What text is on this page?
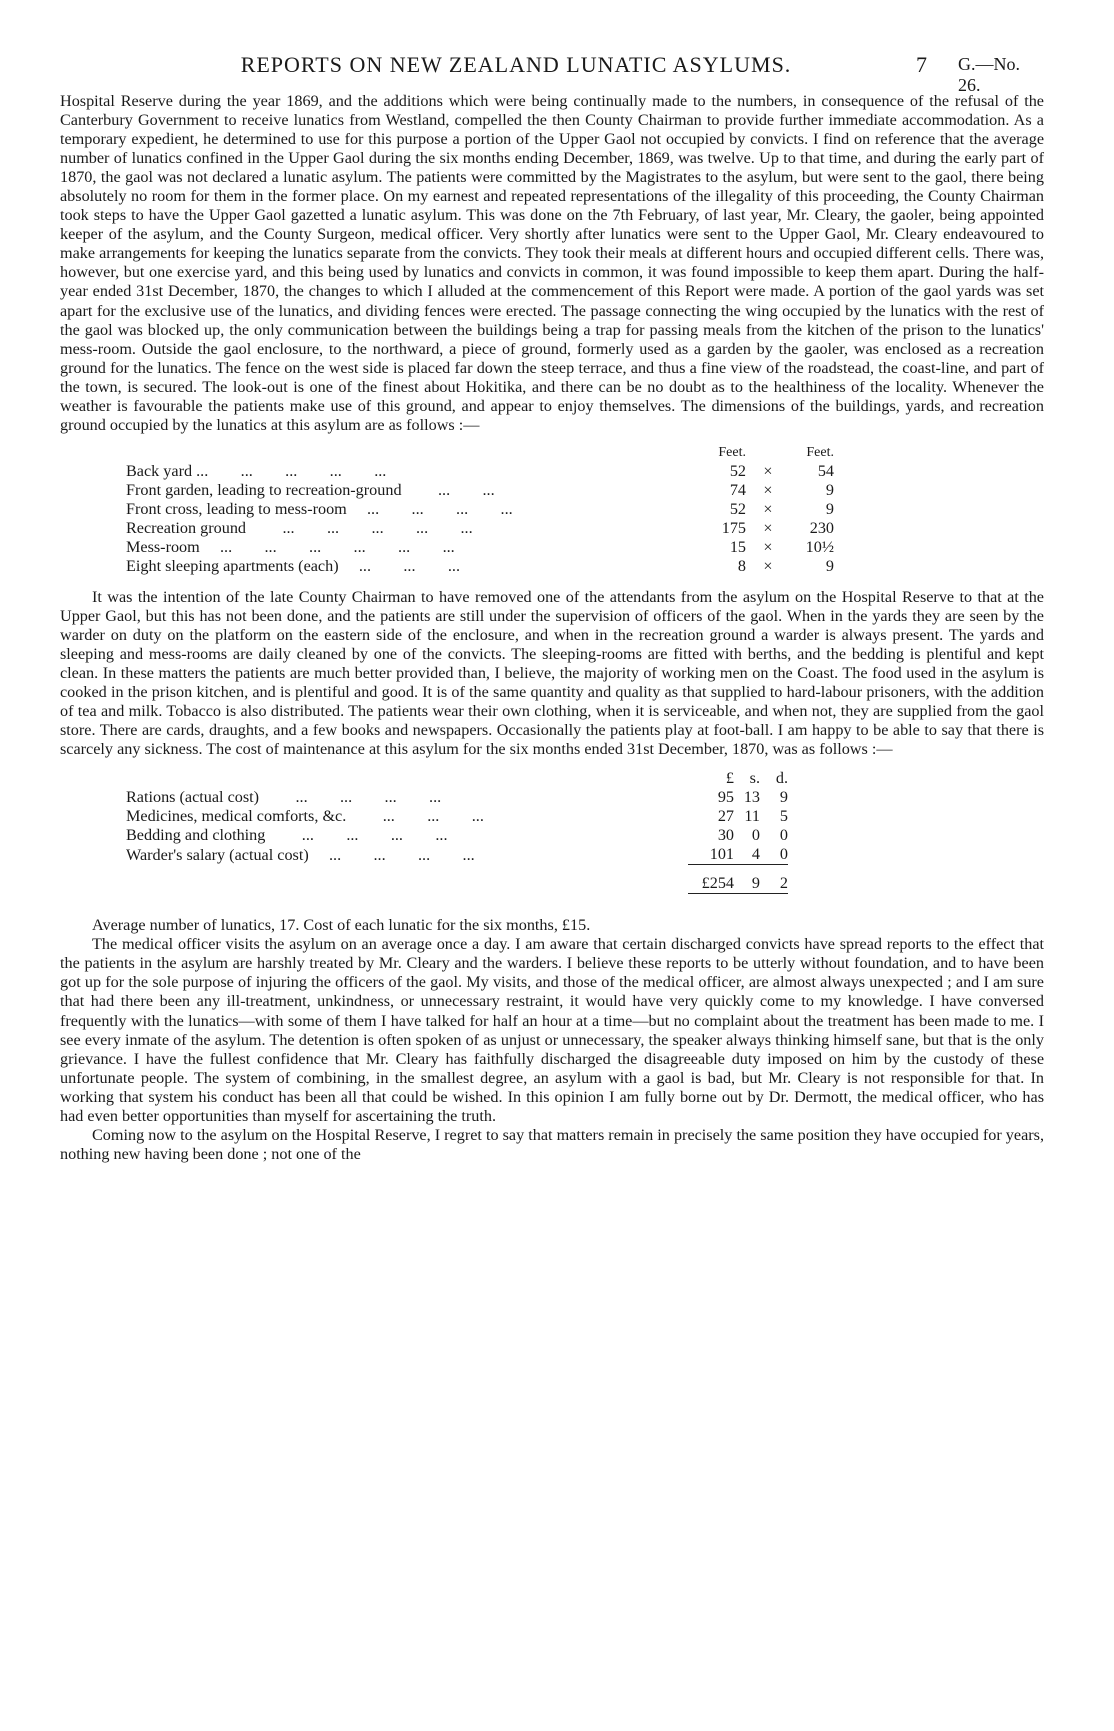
REPORTS ON NEW ZEALAND LUNATIC ASYLUMS.	7 G.—No. 26.

Hospital Reserve during the year 1869, and the additions which were being continually made to the numbers, in consequence of the refusal of the Canterbury Government to receive lunatics from Westland, compelled the then County Chairman to provide further immediate accommodation. As a temporary expedient, he determined to use for this purpose a portion of the Upper Gaol not occupied by convicts. I find on reference that the average number of lunatics confined in the Upper Gaol during the six months ending December, 1869, was twelve. Up to that time, and during the early part of 1870, the gaol was not declared a lunatic asylum. The patients were committed by the Magistrates to the asylum, but were sent to the gaol, there being absolutely no room for them in the former place. On my earnest and repeated representations of the illegality of this proceeding, the County Chairman took steps to have the Upper Gaol gazetted a lunatic asylum. This was done on the 7th February, of last year, Mr. Cleary, the gaoler, being appointed keeper of the asylum, and the County Surgeon, medical officer. Very shortly after lunatics were sent to the Upper Gaol, Mr. Cleary endeavoured to make arrangements for keeping the lunatics separate from the convicts. They took their meals at different hours and occupied different cells. There was, however, but one exercise yard, and this being used by lunatics and convicts in common, it was found impossible to keep them apart. During the half-year ended 31st December, 1870, the changes to which I alluded at the commencement of this Report were made. A portion of the gaol yards was set apart for the exclusive use of the lunatics, and dividing fences were erected. The passage connecting the wing occupied by the lunatics with the rest of the gaol was blocked up, the only communication between the buildings being a trap for passing meals from the kitchen of the prison to the lunatics' mess-room. Outside the gaol enclosure, to the northward, a piece of ground, formerly used as a garden by the gaoler, was enclosed as a recreation ground for the lunatics. The fence on the west side is placed far down the steep terrace, and thus a fine view of the roadstead, the coast-line, and part of the town, is secured. The look-out is one of the finest about Hokitika, and there can be no doubt as to the healthiness of the locality. Whenever the weather is favourable the patients make use of this ground, and appear to enjoy themselves. The dimensions of the buildings, yards, and recreation ground occupied by the lunatics at this asylum are as follows :—

	Feet.		Feet.
Back yard ...        ...        ...        ...        ...	52	×	54
Front garden, leading to recreation-ground         ...        ...	74	×	9
Front cross, leading to mess-room     ...        ...        ...        ...	52	×	9
Recreation ground         ...        ...        ...        ...        ...	175	×	230
Mess-room     ...        ...        ...        ...        ...        ...	15	×	10½
Eight sleeping apartments (each)     ...        ...        ...	8	×	9

It was the intention of the late County Chairman to have removed one of the attendants from the asylum on the Hospital Reserve to that at the Upper Gaol, but this has not been done, and the patients are still under the supervision of officers of the gaol. When in the yards they are seen by the warder on duty on the platform on the eastern side of the enclosure, and when in the recreation ground a warder is always present. The yards and sleeping and mess-rooms are daily cleaned by one of the convicts. The sleeping-rooms are fitted with berths, and the bedding is plentiful and kept clean. In these matters the patients are much better provided than, I believe, the majority of working men on the Coast. The food used in the asylum is cooked in the prison kitchen, and is plentiful and good. It is of the same quantity and quality as that supplied to hard-labour prisoners, with the addition of tea and milk. Tobacco is also distributed. The patients wear their own clothing, when it is serviceable, and when not, they are supplied from the gaol store. There are cards, draughts, and a few books and newspapers. Occasionally the patients play at foot-ball. I am happy to be able to say that there is scarcely any sickness. The cost of maintenance at this asylum for the six months ended 31st December, 1870, was as follows :—

	£	s.	d.
Rations (actual cost)         ...        ...        ...        ...	95	13	9
Medicines, medical comforts, &c.         ...        ...        ...	27	11	5
Bedding and clothing         ...        ...        ...        ...	30	0	0
Warder's salary (actual cost)     ...        ...        ...        ...	101	4	0
	£254	9	2

Average number of lunatics, 17. Cost of each lunatic for the six months, £15.

The medical officer visits the asylum on an average once a day. I am aware that certain discharged convicts have spread reports to the effect that the patients in the asylum are harshly treated by Mr. Cleary and the warders. I believe these reports to be utterly without foundation, and to have been got up for the sole purpose of injuring the officers of the gaol. My visits, and those of the medical officer, are almost always unexpected ; and I am sure that had there been any ill-treatment, unkindness, or unnecessary restraint, it would have very quickly come to my knowledge. I have conversed frequently with the lunatics—with some of them I have talked for half an hour at a time—but no complaint about the treatment has been made to me. I see every inmate of the asylum. The detention is often spoken of as unjust or unnecessary, the speaker always thinking himself sane, but that is the only grievance. I have the fullest confidence that Mr. Cleary has faithfully discharged the disagreeable duty imposed on him by the custody of these unfortunate people. The system of combining, in the smallest degree, an asylum with a gaol is bad, but Mr. Cleary is not responsible for that. In working that system his conduct has been all that could be wished. In this opinion I am fully borne out by Dr. Dermott, the medical officer, who has had even better opportunities than myself for ascertaining the truth.

Coming now to the asylum on the Hospital Reserve, I regret to say that matters remain in precisely the same position they have occupied for years, nothing new having been done ; not one of the
